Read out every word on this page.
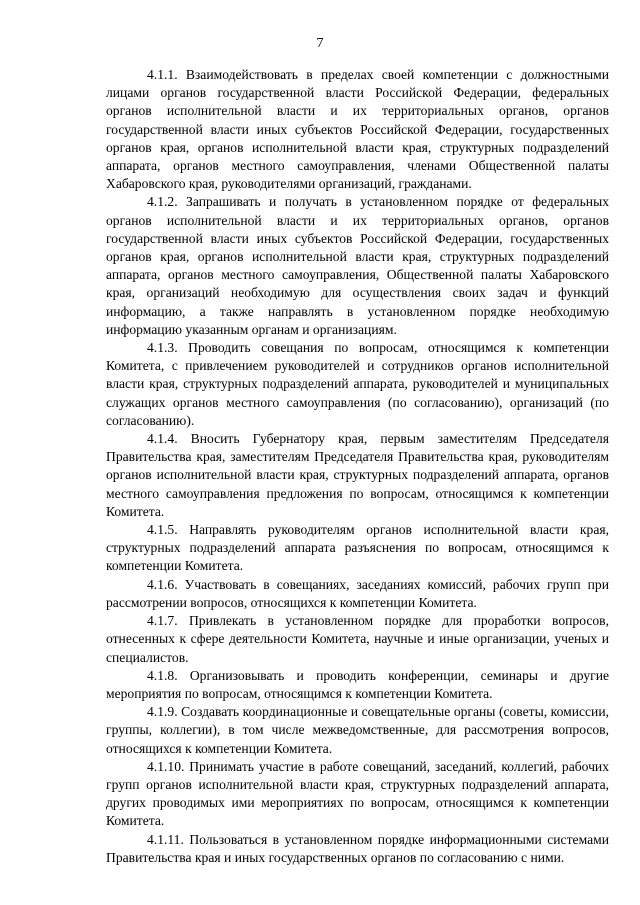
7

4.1.1. Взаимодействовать в пределах своей компетенции с должностными лицами органов государственной власти Российской Федерации, федеральных органов исполнительной власти и их территориальных органов, органов государственной власти иных субъектов Российской Федерации, государственных органов края, органов исполнительной власти края, структурных подразделений аппарата, органов местного самоуправления, членами Общественной палаты Хабаровского края, руководителями организаций, гражданами.

4.1.2. Запрашивать и получать в установленном порядке от федеральных органов исполнительной власти и их территориальных органов, органов государственной власти иных субъектов Российской Федерации, государственных органов края, органов исполнительной власти края, структурных подразделений аппарата, органов местного самоуправления, Общественной палаты Хабаровского края, организаций необходимую для осуществления своих задач и функций информацию, а также направлять в установленном порядке необходимую информацию указанным органам и организациям.

4.1.3. Проводить совещания по вопросам, относящимся к компетенции Комитета, с привлечением руководителей и сотрудников органов исполнительной власти края, структурных подразделений аппарата, руководителей и муниципальных служащих органов местного самоуправления (по согласованию), организаций (по согласованию).

4.1.4. Вносить Губернатору края, первым заместителям Председателя Правительства края, заместителям Председателя Правительства края, руководителям органов исполнительной власти края, структурных подразделений аппарата, органов местного самоуправления предложения по вопросам, относящимся к компетенции Комитета.

4.1.5. Направлять руководителям органов исполнительной власти края, структурных подразделений аппарата разъяснения по вопросам, относящимся к компетенции Комитета.

4.1.6. Участвовать в совещаниях, заседаниях комиссий, рабочих групп при рассмотрении вопросов, относящихся к компетенции Комитета.

4.1.7. Привлекать в установленном порядке для проработки вопросов, отнесенных к сфере деятельности Комитета, научные и иные организации, ученых и специалистов.

4.1.8. Организовывать и проводить конференции, семинары и другие мероприятия по вопросам, относящимся к компетенции Комитета.

4.1.9. Создавать координационные и совещательные органы (советы, комиссии, группы, коллегии), в том числе межведомственные, для рассмотрения вопросов, относящихся к компетенции Комитета.

4.1.10. Принимать участие в работе совещаний, заседаний, коллегий, рабочих групп органов исполнительной власти края, структурных подразделений аппарата, других проводимых ими мероприятиях по вопросам, относящимся к компетенции Комитета.

4.1.11. Пользоваться в установленном порядке информационными системами Правительства края и иных государственных органов по согласованию с ними.
